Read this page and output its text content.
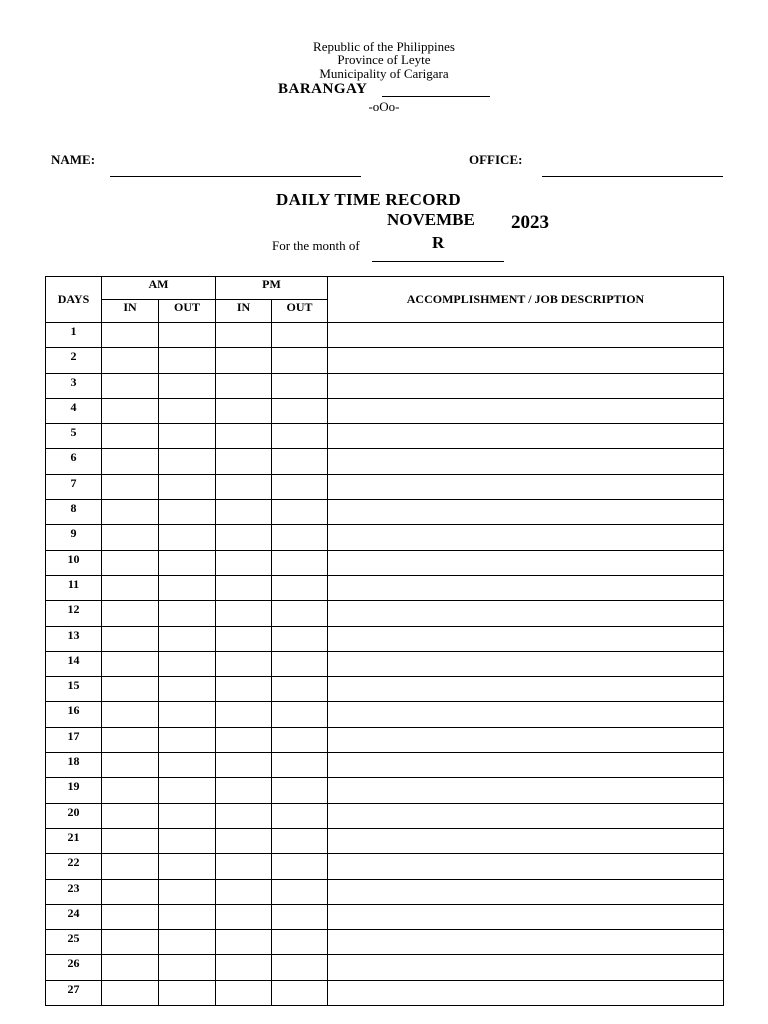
Republic of the Philippines
Province of Leyte
Municipality of Carigara
BARANGAY
-oOo-
NAME:	OFFICE:
DAILY TIME RECORD
NOVEMBE 2023
For the month of	R
DAYS	AM		PM		ACCOMPLISHMENT / JOB DESCRIPTION
	IN	OUT	IN	OUT	
1					
2					
3					
4					
5					
6					
7					
8					
9					
10					
11					
12					
13					
14					
15					
16					
17					
18					
19					
20					
21					
22					
23					
24					
25					
26					
27					
